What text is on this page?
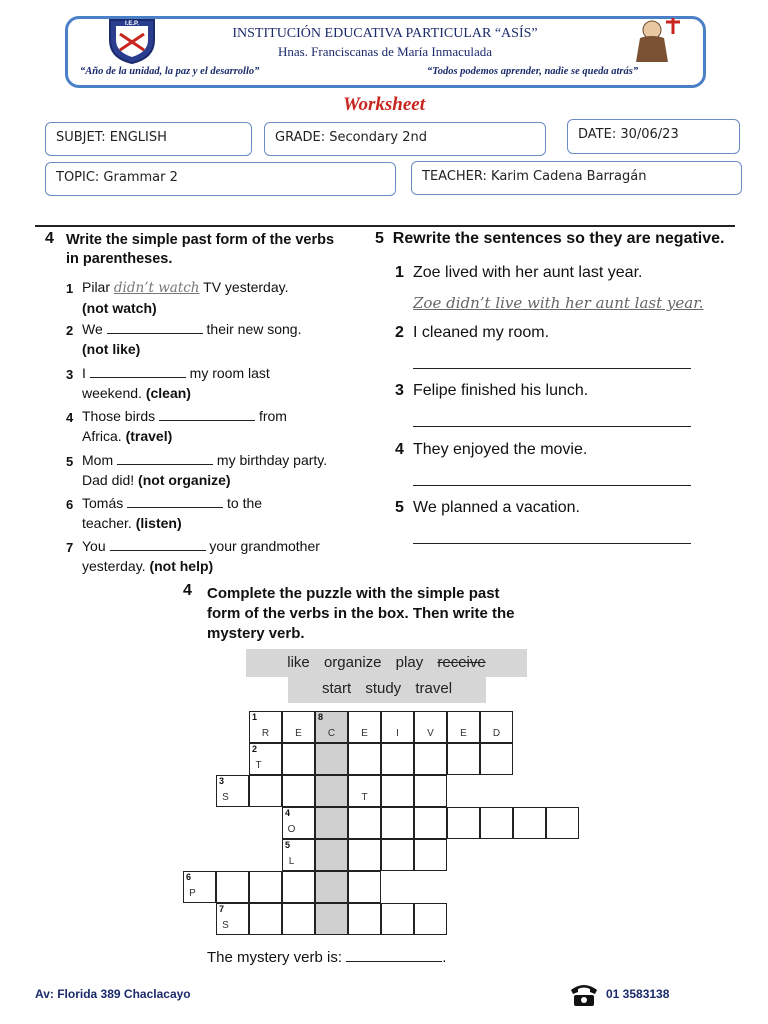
I.E.P.
INSTITUCIÓN EDUCATIVA PARTICULAR “ASÍS”
Hnas. Franciscanas de María Inmaculada
“Año de la unidad, la paz y el desarrollo”	“Todos podemos aprender, nadie se queda atrás”
Worksheet
SUBJET: ENGLISH	GRADE: Secondary 2nd	DATE: 30/06/23
TOPIC: Grammar 2	TEACHER: Karim Cadena Barragán
4 Write the simple past form of the verbs
in parentheses.
1 Pilar didn’t watch TV yesterday.
(not watch)
2 We	their new song.
(not like)
3 I	my room last
weekend. (clean)
4 Those birds	from
Africa. (travel)
5 Mom	my birthday party.
Dad did! (not organize)
6 Tomás	to the
teacher. (listen)
7 You	your grandmother
yesterday. (not help)
5 Rewrite the sentences so they are negative.
1 Zoe lived with her aunt last year.
Zoe didn’t live with her aunt last year.
2 I cleaned my room.
3 Felipe finished his lunch.
4 They enjoyed the movie.
5 We planned a vacation.
4 Complete the puzzle with the simple past
form of the verbs in the box. Then write the
mystery verb.
like organize play receive
start study travel
1
R	E
8
C	E	I	V	E	D
2
T
3
S	T
4
O
5
L
6
P
7
S
The mystery verb is:	.
Av: Florida 389 Chaclacayo	01 3583138
